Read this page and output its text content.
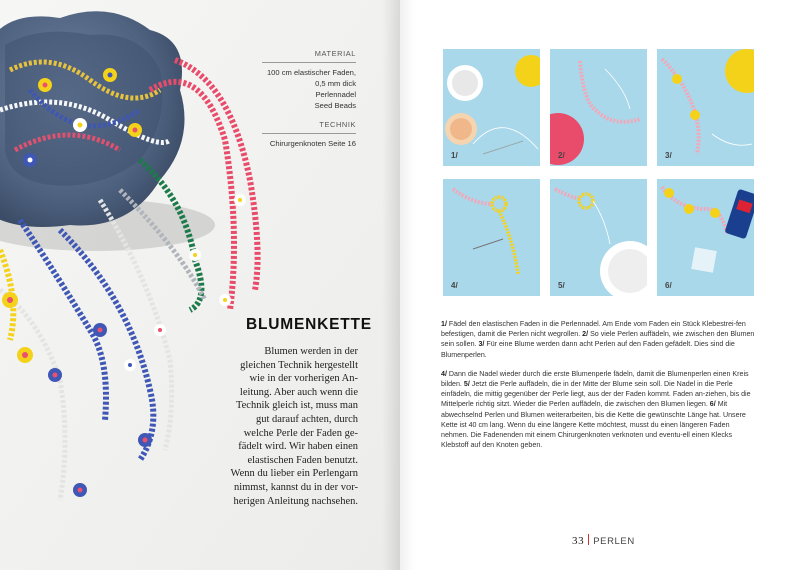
MATERIAL
100 cm elastischer Faden,
0,5 mm dick
Perlennadel
Seed Beads
TECHNIK
Chirurgenknoten Seite 16
BLUMENKETTE
Blumen werden in der
gleichen Technik hergestellt
wie in der vorherigen An-
leitung. Aber auch wenn die
Technik gleich ist, muss man
gut darauf achten, durch
welche Perle der Faden ge-
fädelt wird. Wir haben einen
elastischen Faden benutzt.
Wenn du lieber ein Perlengarn
nimmst, kannst du in der vor-
herigen Anleitung nachsehen.
1/	2/	3/
4/	5/	6/

1/ Fädel den elastischen Faden in die Perlennadel. Am Ende vom Faden ein Stück Klebestrei-fen befestigen, damit die Perlen nicht wegrollen. 2/ So viele Perlen auffädeln, wie zwischen den Blumen sein sollen. 3/ Für eine Blume werden dann acht Perlen auf den Faden gefädelt. Dies sind die Blumenperlen.

4/ Dann die Nadel wieder durch die erste Blumenperle fädeln, damit die Blumenperlen einen Kreis bilden. 5/ Jetzt die Perle auffädeln, die in der Mitte der Blume sein soll. Die Nadel in die Perle einfädeln, die mittig gegenüber der Perle liegt, aus der der Faden kommt. Faden an-ziehen, bis die Mittelperle richtig sitzt. Wieder die Perlen auffädeln, die zwischen den Blumen liegen. 6/ Mit abwechselnd Perlen und Blumen weiterarbeiten, bis die Kette die gewünschte Länge hat. Unsere Kette ist 40 cm lang. Wenn du eine längere Kette möchtest, musst du einen längeren Faden nehmen. Die Fadenenden mit einem Chirurgenknoten verknoten und eventu-ell einen Klecks Klebstoff auf den Knoten geben.

33 PERLEN
